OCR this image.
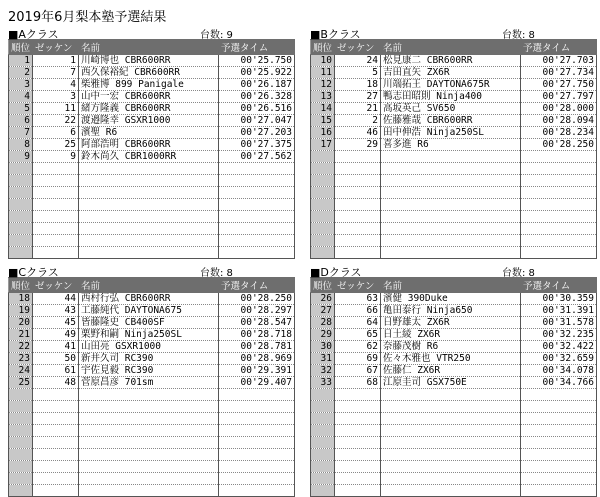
2019年6月梨本塾予選結果
■Aクラス	台数: 9
順位	ゼッケン	名前	予選タイム
1	1	川崎博也 CBR600RR	00'25.750
2	7	西久保裕紀 CBR600RR	00'25.922
3	4	柴雅博 899 Panigale	00'26.187
4	3	山中一宏 CBR600RR	00'26.328
5	11	緒方隆義 CBR600RR	00'26.516
6	22	渡邉隆幸 GSXR1000	00'27.047
7	6	濱聖 R6	00'27.203
8	25	阿部浩明 CBR600RR	00'27.375
9	9	鈴木尚久 CBR1000RR	00'27.562

■Bクラス	台数: 8
順位	ゼッケン	名前	予選タイム
10	24	松見康二 CBR600RR	00'27.703
11	5	吉田直矢 ZX6R	00'27.734
12	18	川端拓王 DAYTONA675R	00'27.750
13	27	鴨志田昭則 Ninja400	00'27.797
14	21	高坂英己 SV650	00'28.000
15	2	佐藤雅哉 CBR600RR	00'28.094
16	46	田中伸浩 Ninja250SL	00'28.234
17	29	喜多進 R6	00'28.250

■Cクラス	台数: 8
順位	ゼッケン	名前	予選タイム
18	44	西村行弘 CBR600RR	00'28.250
19	43	工藤純代 DAYTONA675	00'28.297
20	45	皆藤隆史 CB400SF	00'28.547
21	49	栗野和嗣 Ninja250SL	00'28.718
22	41	山田亮 GSXR1000	00'28.781
23	50	新井久司 RC390	00'28.969
24	61	宇佐見毅 RC390	00'29.391
25	48	菅原昌彦 701sm	00'29.407

■Dクラス	台数: 8
順位	ゼッケン	名前	予選タイム
26	63	濱健 390Duke	00'30.359
27	66	亀田泰行 Ninja650	00'31.391
28	64	日野雄太 ZX6R	00'31.578
29	65	日土綾 ZX6R	00'32.235
30	62	奈藤茂樹 R6	00'32.422
31	69	佐々木雅也 VTR250	00'32.659
32	67	佐藤仁 ZX6R	00'34.078
33	68	江原圭司 GSX750E	00'34.766
